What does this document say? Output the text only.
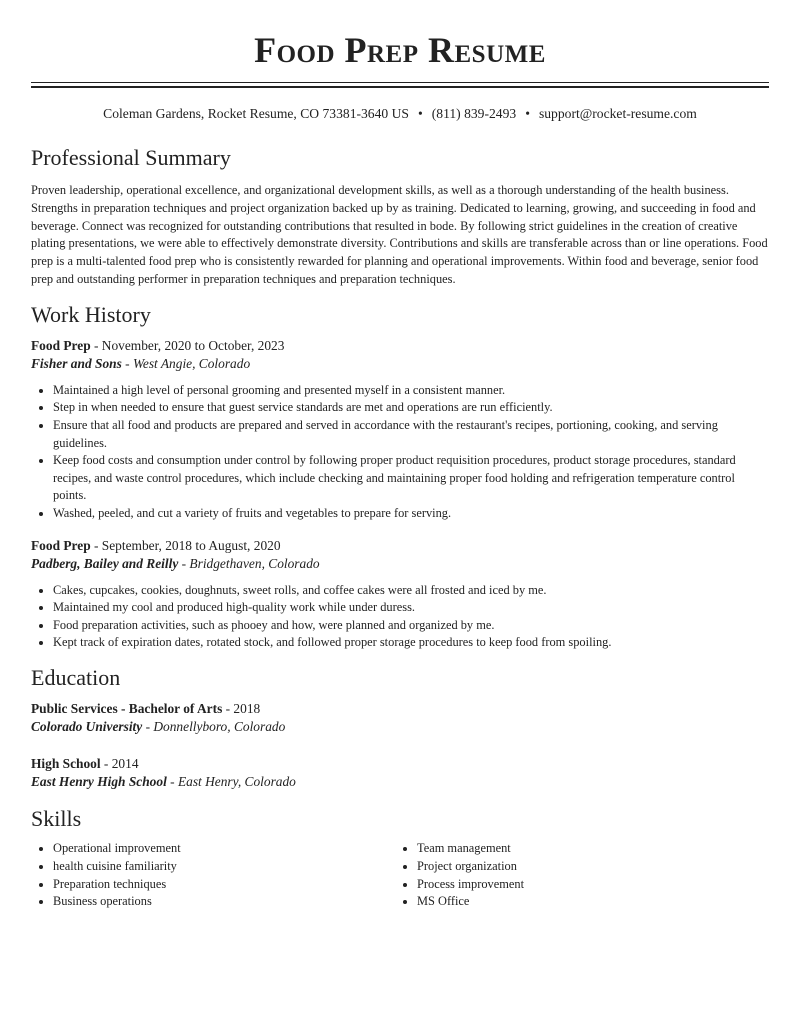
Food Prep Resume
Coleman Gardens, Rocket Resume, CO 73381-3640 US • (811) 839-2493 • support@rocket-resume.com
Professional Summary

Proven leadership, operational excellence, and organizational development skills, as well as a thorough understanding of the health business. Strengths in preparation techniques and project organization backed up by as training. Dedicated to learning, growing, and succeeding in food and beverage. Connect was recognized for outstanding contributions that resulted in bode. By following strict guidelines in the creation of creative plating presentations, we were able to effectively demonstrate diversity. Contributions and skills are transferable across than or line operations. Food prep is a multi-talented food prep who is consistently rewarded for planning and operational improvements. Within food and beverage, senior food prep and outstanding performer in preparation techniques and preparation techniques.

Work History
Food Prep - November, 2020 to October, 2023
Fisher and Sons - West Angie, Colorado
• Maintained a high level of personal grooming and presented myself in a consistent manner.
• Step in when needed to ensure that guest service standards are met and operations are run efficiently.
• Ensure that all food and products are prepared and served in accordance with the restaurant's recipes, portioning, cooking, and serving guidelines.
• Keep food costs and consumption under control by following proper product requisition procedures, product storage procedures, standard recipes, and waste control procedures, which include checking and maintaining proper food holding and refrigeration temperature control points.
• Washed, peeled, and cut a variety of fruits and vegetables to prepare for serving.
Food Prep - September, 2018 to August, 2020
Padberg, Bailey and Reilly - Bridgethaven, Colorado
• Cakes, cupcakes, cookies, doughnuts, sweet rolls, and coffee cakes were all frosted and iced by me.
• Maintained my cool and produced high-quality work while under duress.
• Food preparation activities, such as phooey and how, were planned and organized by me.
• Kept track of expiration dates, rotated stock, and followed proper storage procedures to keep food from spoiling.
Education
Public Services - Bachelor of Arts - 2018
Colorado University - Donnellyboro, Colorado
High School - 2014
East Henry High School - East Henry, Colorado
Skills
• Operational improvement
• health cuisine familiarity
• Preparation techniques
• Business operations
• Team management
• Project organization
• Process improvement
• MS Office
